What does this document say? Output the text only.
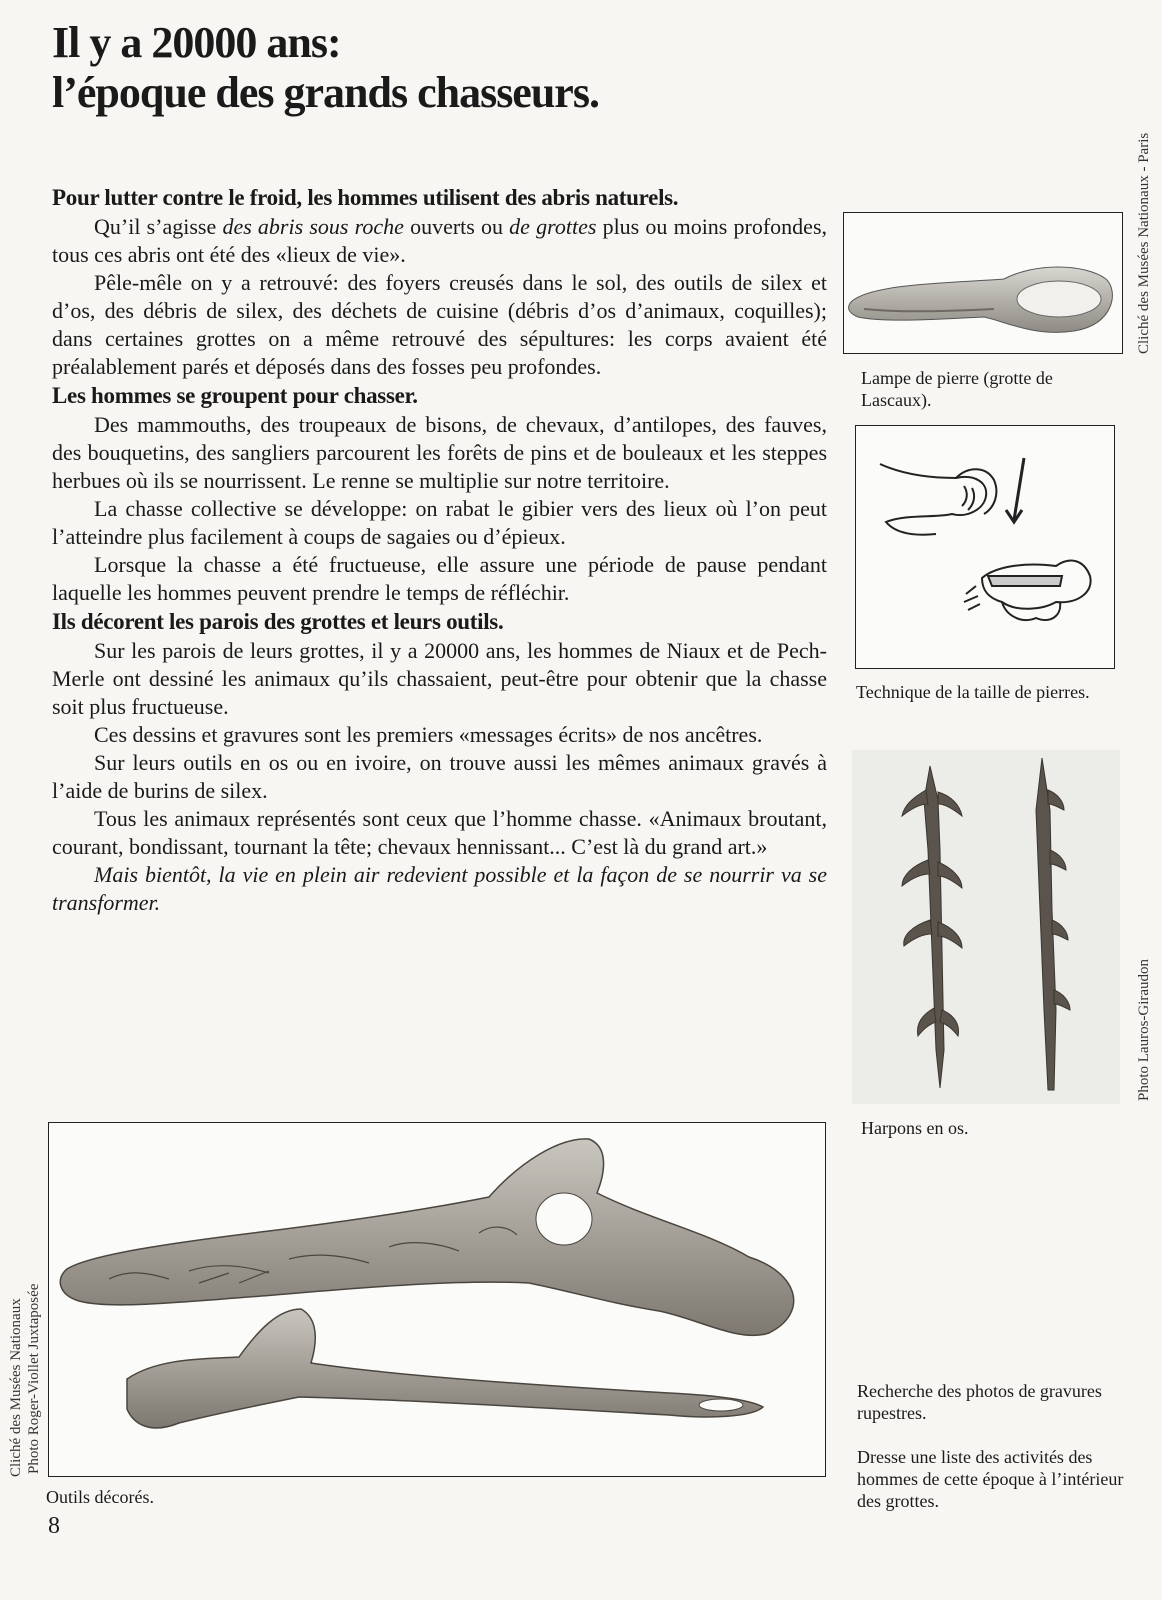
Il y a 20000 ans:
l’époque des grands chasseurs.
Pour lutter contre le froid, les hommes utilisent des abris naturels.

Qu’il s’agisse des abris sous roche ouverts ou de grottes plus ou moins profondes, tous ces abris ont été des «lieux de vie».

Pêle-mêle on y a retrouvé: des foyers creusés dans le sol, des outils de silex et d’os, des débris de silex, des déchets de cuisine (débris d’os d’animaux, coquilles); dans certaines grottes on a même retrouvé des sépultures: les corps avaient été préalablement parés et déposés dans des fosses peu profondes.

Les hommes se groupent pour chasser.

Des mammouths, des troupeaux de bisons, de chevaux, d’antilopes, des fauves, des bouquetins, des sangliers parcourent les forêts de pins et de bouleaux et les steppes herbues où ils se nourrissent. Le renne se multiplie sur notre territoire.

La chasse collective se développe: on rabat le gibier vers des lieux où l’on peut l’atteindre plus facilement à coups de sagaies ou d’épieux.

Lorsque la chasse a été fructueuse, elle assure une période de pause pendant laquelle les hommes peuvent prendre le temps de réfléchir.

Ils décorent les parois des grottes et leurs outils.

Sur les parois de leurs grottes, il y a 20000 ans, les hommes de Niaux et de Pech-Merle ont dessiné les animaux qu’ils chassaient, peut-être pour obtenir que la chasse soit plus fructueuse.

Ces dessins et gravures sont les premiers «messages écrits» de nos ancêtres.

Sur leurs outils en os ou en ivoire, on trouve aussi les mêmes animaux gravés à l’aide de burins de silex.

Tous les animaux représentés sont ceux que l’homme chasse. «Animaux broutant, courant, bondissant, tournant la tête; chevaux hennissant... C’est là du grand art.»

Mais bientôt, la vie en plein air redevient possible et la façon de se nourrir va se transformer.

Lampe de pierre (grotte de Lascaux).
Technique de la taille de pierres.
Harpons en os.
Outils décorés.
Recherche des photos de gravures rupestres.
Dresse une liste des activités des hommes de cette époque à l’intérieur des grottes.
Cliché des Musées Nationaux - Paris
Photo Lauros-Giraudon
Cliché des Musées Nationaux Photo Roger-Viollet Juxtaposée
8
